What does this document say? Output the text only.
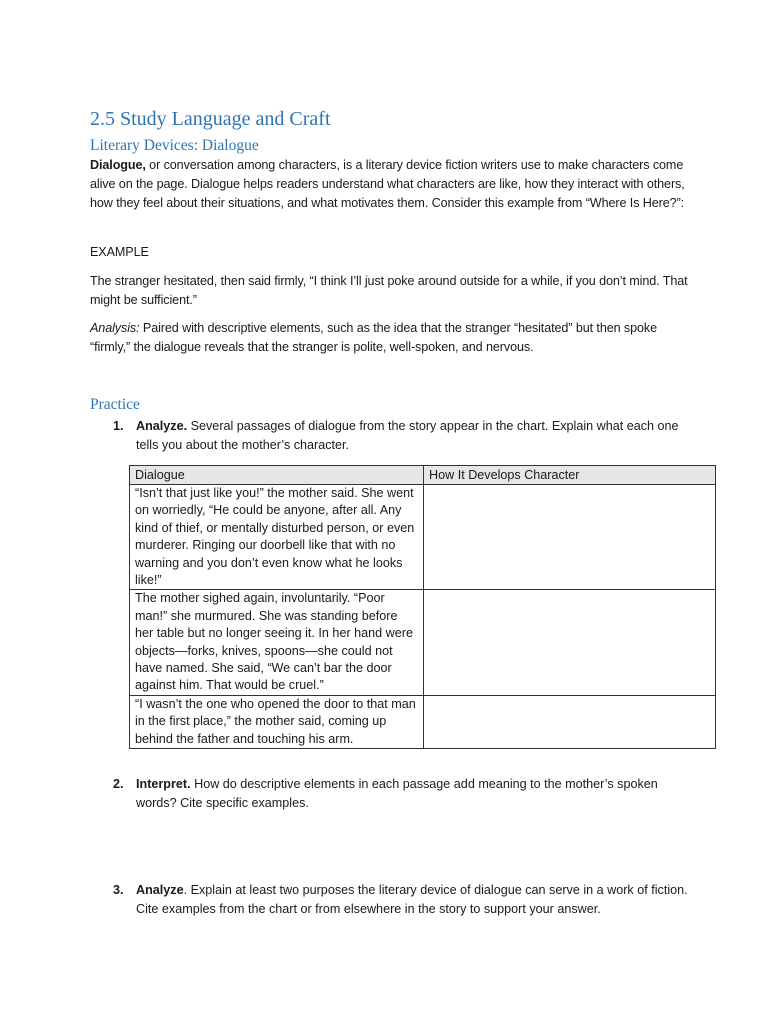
2.5 Study Language and Craft
Literary Devices: Dialogue
Dialogue, or conversation among characters, is a literary device fiction writers use to make characters come alive on the page. Dialogue helps readers understand what characters are like, how they interact with others, how they feel about their situations, and what motivates them. Consider this example from “Where Is Here?”:
EXAMPLE
The stranger hesitated, then said firmly, “I think I’ll just poke around outside for a while, if you don’t mind. That might be sufficient.”
Analysis: Paired with descriptive elements, such as the idea that the stranger “hesitated” but then spoke “firmly,” the dialogue reveals that the stranger is polite, well-spoken, and nervous.
Practice
1. Analyze. Several passages of dialogue from the story appear in the chart. Explain what each one tells you about the mother’s character.
Dialogue	How It Develops Character
“Isn’t that just like you!” the mother said. She went on worriedly, “He could be anyone, after all. Any kind of thief, or mentally disturbed person, or even murderer. Ringing our doorbell like that with no warning and you don’t even know what he looks like!”	
The mother sighed again, involuntarily. “Poor man!” she murmured. She was standing before her table but no longer seeing it. In her hand were objects—forks, knives, spoons—she could not have named. She said, “We can’t bar the door against him. That would be cruel.”	
“I wasn’t the one who opened the door to that man in the first place,” the mother said, coming up behind the father and touching his arm.	
2. Interpret. How do descriptive elements in each passage add meaning to the mother’s spoken words? Cite specific examples.
3. Analyze. Explain at least two purposes the literary device of dialogue can serve in a work of fiction. Cite examples from the chart or from elsewhere in the story to support your answer.
